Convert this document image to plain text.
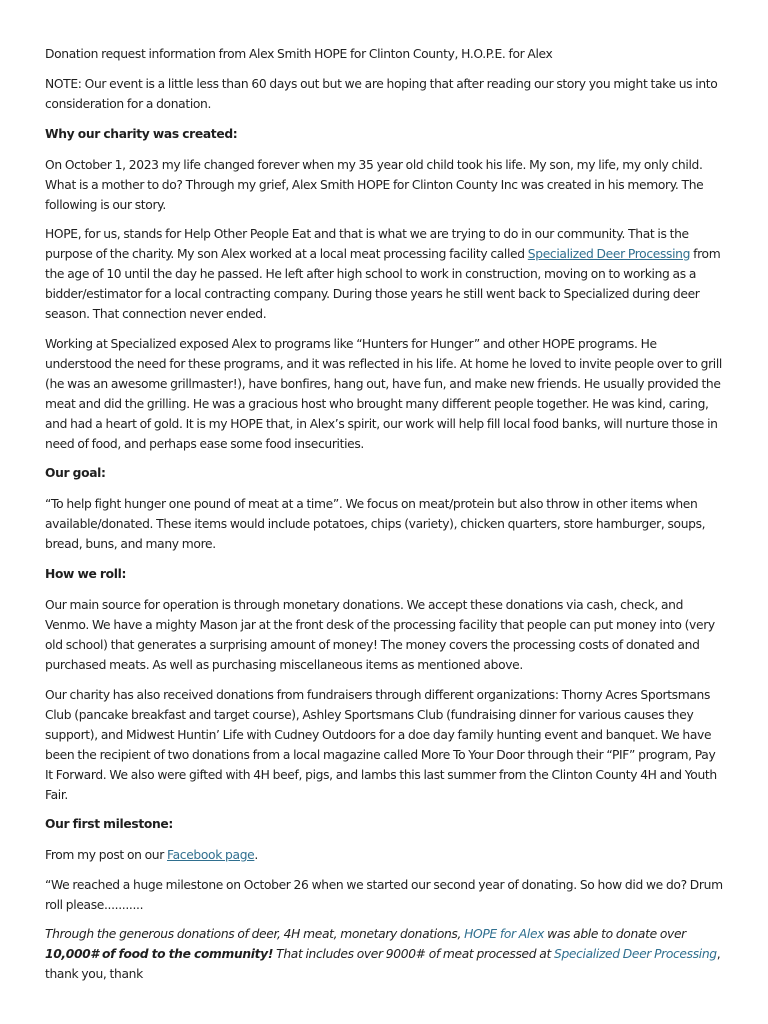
Donation request information from Alex Smith HOPE for Clinton County, H.O.P.E. for Alex

NOTE: Our event is a little less than 60 days out but we are hoping that after reading our story you might take us into consideration for a donation.

Why our charity was created:

On October 1, 2023 my life changed forever when my 35 year old child took his life. My son, my life, my only child. What is a mother to do? Through my grief, Alex Smith HOPE for Clinton County Inc was created in his memory. The following is our story.

HOPE, for us, stands for Help Other People Eat and that is what we are trying to do in our community. That is the purpose of the charity. My son Alex worked at a local meat processing facility called Specialized Deer Processing from the age of 10 until the day he passed. He left after high school to work in construction, moving on to working as a bidder/estimator for a local contracting company. During those years he still went back to Specialized during deer season. That connection never ended.

Working at Specialized exposed Alex to programs like “Hunters for Hunger” and other HOPE programs. He understood the need for these programs, and it was reflected in his life. At home he loved to invite people over to grill (he was an awesome grillmaster!), have bonfires, hang out, have fun, and make new friends. He usually provided the meat and did the grilling. He was a gracious host who brought many different people together. He was kind, caring, and had a heart of gold. It is my HOPE that, in Alex’s spirit, our work will help fill local food banks, will nurture those in need of food, and perhaps ease some food insecurities.

Our goal:

“To help fight hunger one pound of meat at a time”. We focus on meat/protein but also throw in other items when available/donated. These items would include potatoes, chips (variety), chicken quarters, store hamburger, soups, bread, buns, and many more.

How we roll:

Our main source for operation is through monetary donations. We accept these donations via cash, check, and Venmo. We have a mighty Mason jar at the front desk of the processing facility that people can put money into (very old school) that generates a surprising amount of money! The money covers the processing costs of donated and purchased meats. As well as purchasing miscellaneous items as mentioned above.

Our charity has also received donations from fundraisers through different organizations: Thorny Acres Sportsmans Club (pancake breakfast and target course), Ashley Sportsmans Club (fundraising dinner for various causes they support), and Midwest Huntin’ Life with Cudney Outdoors for a doe day family hunting event and banquet. We have been the recipient of two donations from a local magazine called More To Your Door through their “PIF” program, Pay It Forward. We also were gifted with 4H beef, pigs, and lambs this last summer from the Clinton County 4H and Youth Fair.

Our first milestone:

From my post on our Facebook page.

“We reached a huge milestone on October 26 when we started our second year of donating. So how did we do? Drum roll please...........

Through the generous donations of deer, 4H meat, monetary donations, HOPE for Alex was able to donate over 10,000# of food to the community! That includes over 9000# of meat processed at Specialized Deer Processing, thank you, thank
